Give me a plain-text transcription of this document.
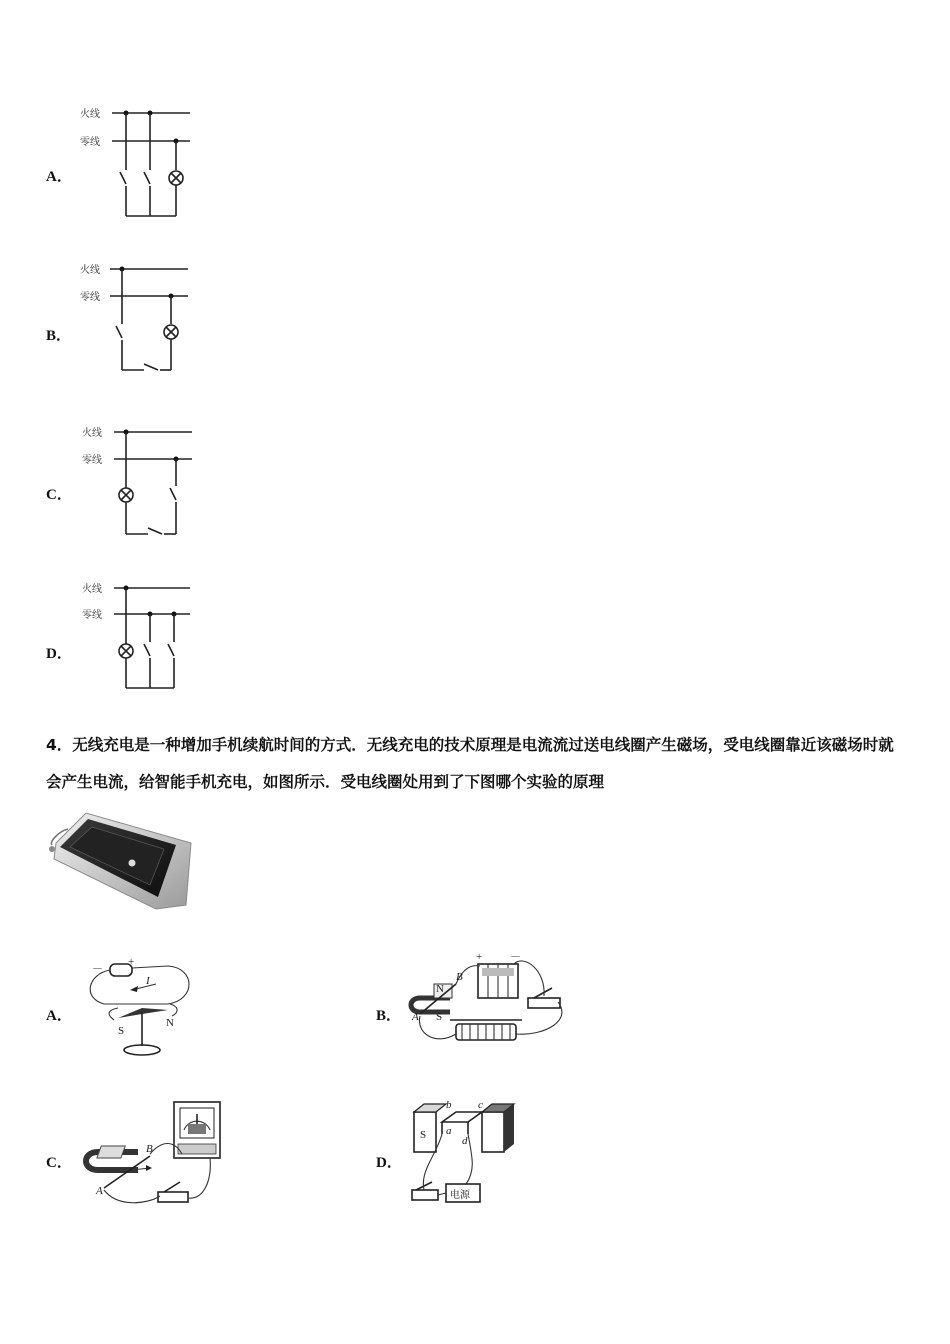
A．
火线
零线
B．
火线
零线
C．
火线
零线
D．
火线
零线
4．无线充电是一种增加手机续航时间的方式．无线充电的技术原理是电流流过送电线圈产生磁场，受电线圈靠近该磁场时就会产生电流，给智能手机充电，如图所示．受电线圈处用到了下图哪个实验的原理
A．
－
+
I
S
N	B．
+	－
N
S
A
B
C．
A
B
D．
S	N
b c
a
d
电源
